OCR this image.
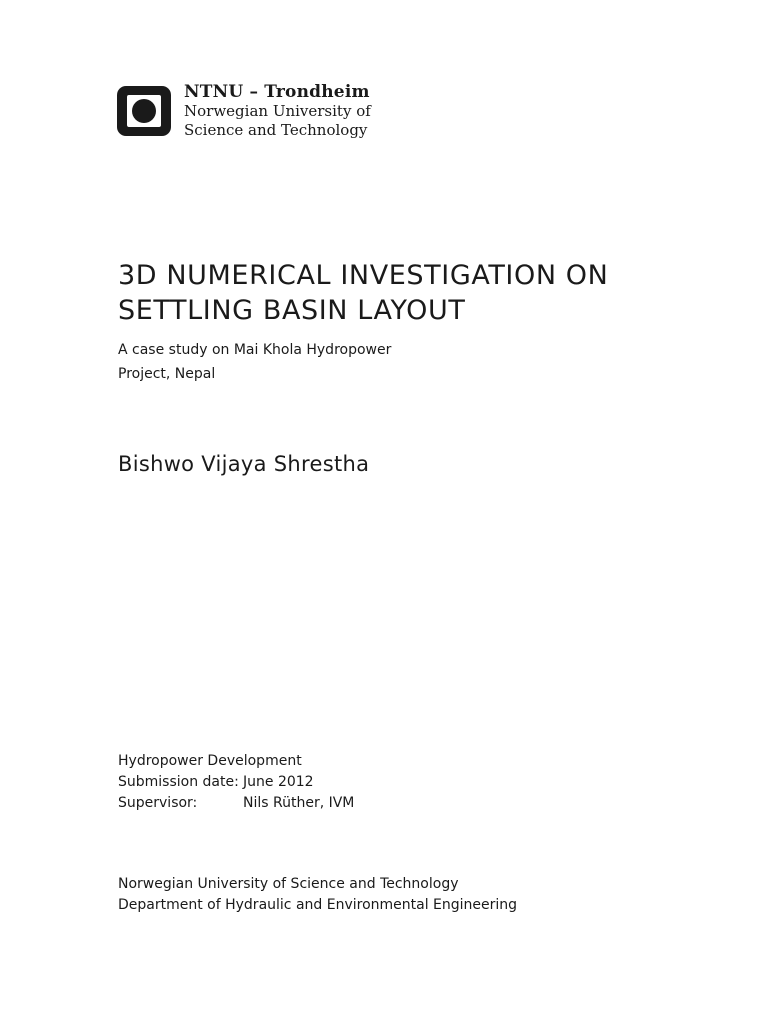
NTNU – Trondheim
Norwegian University of
Science and Technology
3D NUMERICAL INVESTIGATION ON
SETTLING BASIN LAYOUT
A case study on Mai Khola Hydropower
Project, Nepal
Bishwo Vijaya Shrestha
Hydropower Development
Submission date: June 2012
Supervisor:	Nils Rüther, IVM
Norwegian University of Science and Technology
Department of Hydraulic and Environmental Engineering
